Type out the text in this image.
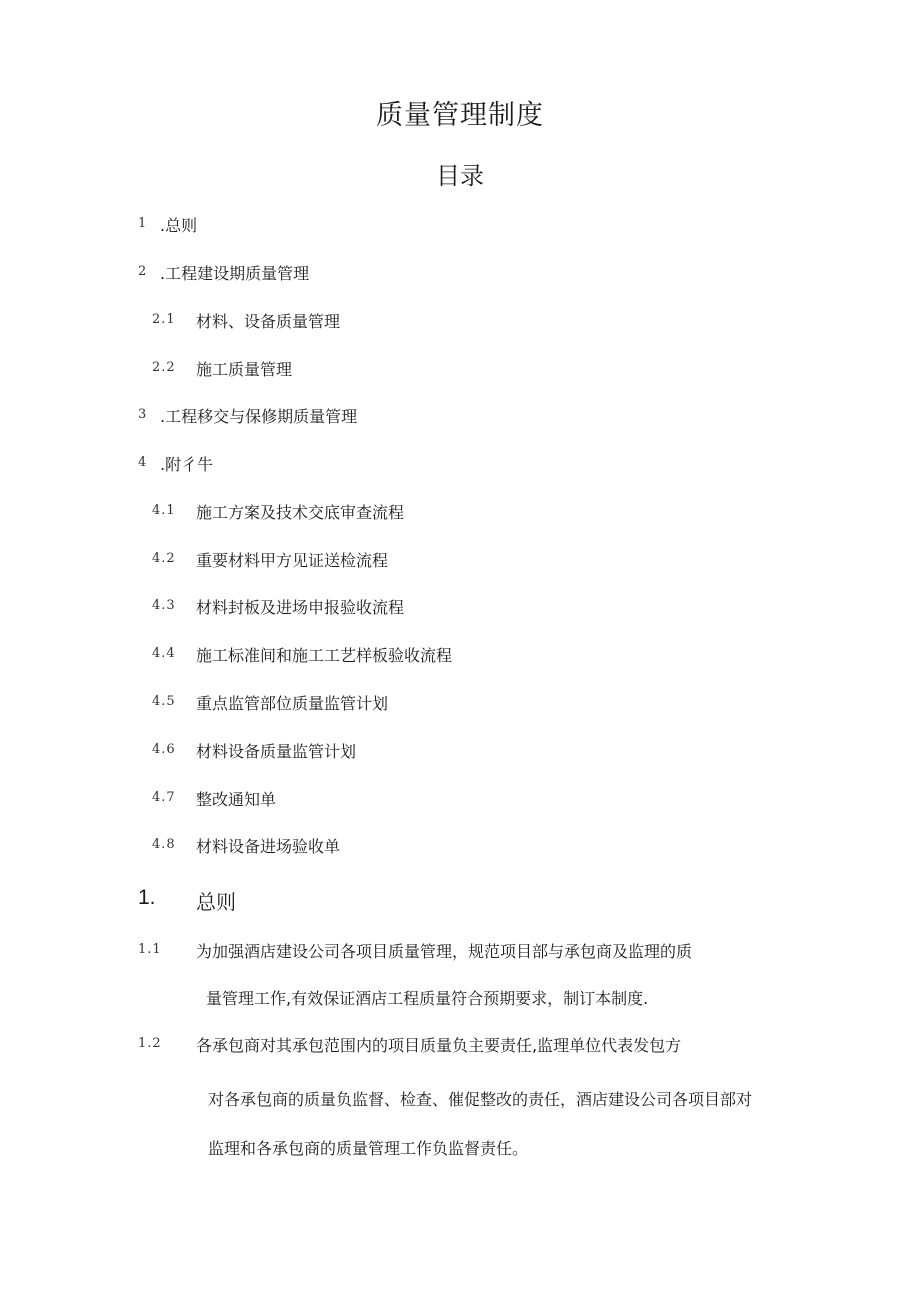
质量管理制度
目录
1 .总则
2 .工程建设期质量管理
2.1 材料、设备质量管理
2.2 施工质量管理
3 .工程移交与保修期质量管理
4 .附彳牛
4.1 施工方案及技术交底审查流程
4.2 重要材料甲方见证送检流程
4.3 材料封板及进场申报验收流程
4.4 施工标准间和施工工艺样板验收流程
4.5 重点监管部位质量监管计划
4.6 材料设备质量监管计划
4.7 整改通知单
4.8 材料设备进场验收单
1. 总则
1.1 为加强酒店建设公司各项目质量管理，规范项目部与承包商及监理的质
量管理工作,有效保证酒店工程质量符合预期要求，制订本制度.
1.2 各承包商对其承包范围内的项目质量负主要责任,监理单位代表发包方
对各承包商的质量负监督、检查、催促整改的责任，酒店建设公司各项目部对
监理和各承包商的质量管理工作负监督责任。
